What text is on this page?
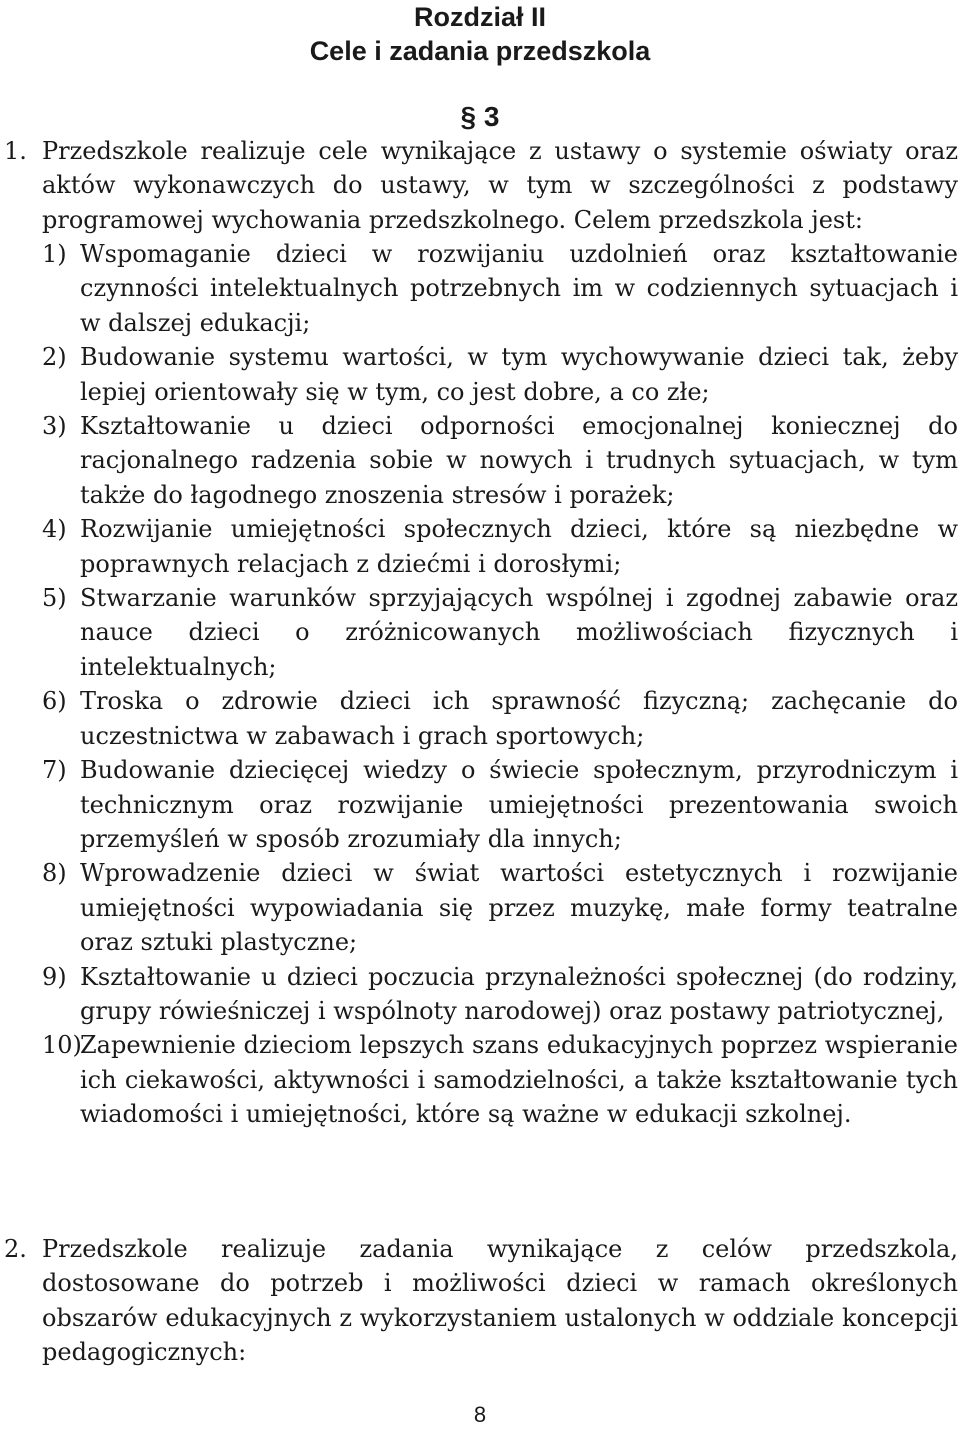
Rozdział II
Cele i zadania przedszkola
§ 3
1. Przedszkole realizuje cele wynikające z ustawy o systemie oświaty oraz aktów wykonawczych do ustawy, w tym w szczególności z podstawy programowej wychowania przedszkolnego. Celem przedszkola jest:
1) Wspomaganie dzieci w rozwijaniu uzdolnień oraz kształtowanie czynności intelektualnych potrzebnych im w codziennych sytuacjach i w dalszej edukacji;
2) Budowanie systemu wartości, w tym wychowywanie dzieci tak, żeby lepiej orientowały się w tym, co jest dobre, a co złe;
3) Kształtowanie u dzieci odporności emocjonalnej koniecznej do racjonalnego radzenia sobie w nowych i trudnych sytuacjach, w tym także do łagodnego znoszenia stresów i porażek;
4) Rozwijanie umiejętności społecznych dzieci, które są niezbędne w poprawnych relacjach z dziećmi i dorosłymi;
5) Stwarzanie warunków sprzyjających wspólnej i zgodnej zabawie oraz nauce dzieci o zróżnicowanych możliwościach fizycznych i intelektualnych;
6) Troska o zdrowie dzieci ich sprawność fizyczną; zachęcanie do uczestnictwa w zabawach i grach sportowych;
7) Budowanie dziecięcej wiedzy o świecie społecznym, przyrodniczym i technicznym oraz rozwijanie umiejętności prezentowania swoich przemyśleń w sposób zrozumiały dla innych;
8) Wprowadzenie dzieci w świat wartości estetycznych i rozwijanie umiejętności wypowiadania się przez muzykę, małe formy teatralne oraz sztuki plastyczne;
9) Kształtowanie u dzieci poczucia przynależności społecznej (do rodziny, grupy rówieśniczej i wspólnoty narodowej) oraz postawy patriotycznej,
10)
Zapewnienie dzieciom lepszych szans edukacyjnych poprzez wspieranie ich ciekawości, aktywności i samodzielności, a także kształtowanie tych wiadomości i umiejętności, które są ważne w edukacji szkolnej.
2. Przedszkole realizuje zadania wynikające z celów przedszkola, dostosowane do potrzeb i możliwości dzieci w ramach określonych obszarów edukacyjnych z wykorzystaniem ustalonych w oddziale koncepcji pedagogicznych:
8
